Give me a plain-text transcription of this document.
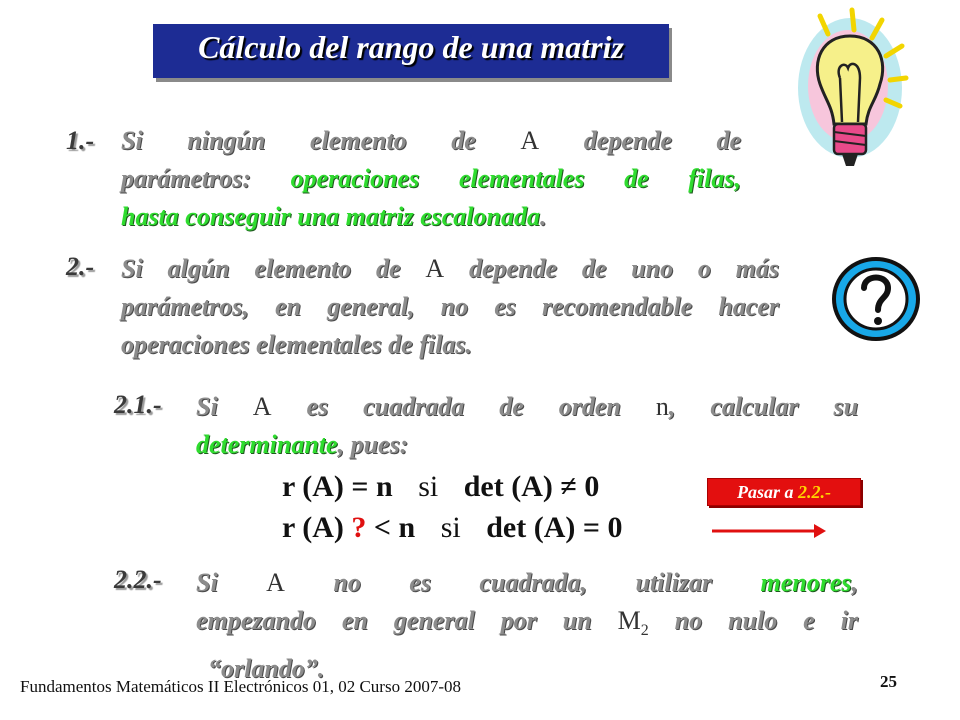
Cálculo del rango de una matriz
1.- Si ningún elemento de A depende de
parámetros: operaciones elementales de filas,
hasta conseguir una matriz escalonada.
2.- Si algún elemento de A depende de uno o más
parámetros, en general, no es recomendable hacer
operaciones elementales de filas.
2.1.- Si A es cuadrada de orden n, calcular su
determinante, pues:
r (A) = n si det (A) ≠ 0
r (A) ? < n si det (A) = 0
Pasar a 2.2.-
2.2.- Si A no es cuadrada, utilizar menores,
empezando en general por un $M_2$ no nulo e ir
“orlando”.
Fundamentos Matemáticos II Electrónicos 01, 02 Curso 2007-08	25
